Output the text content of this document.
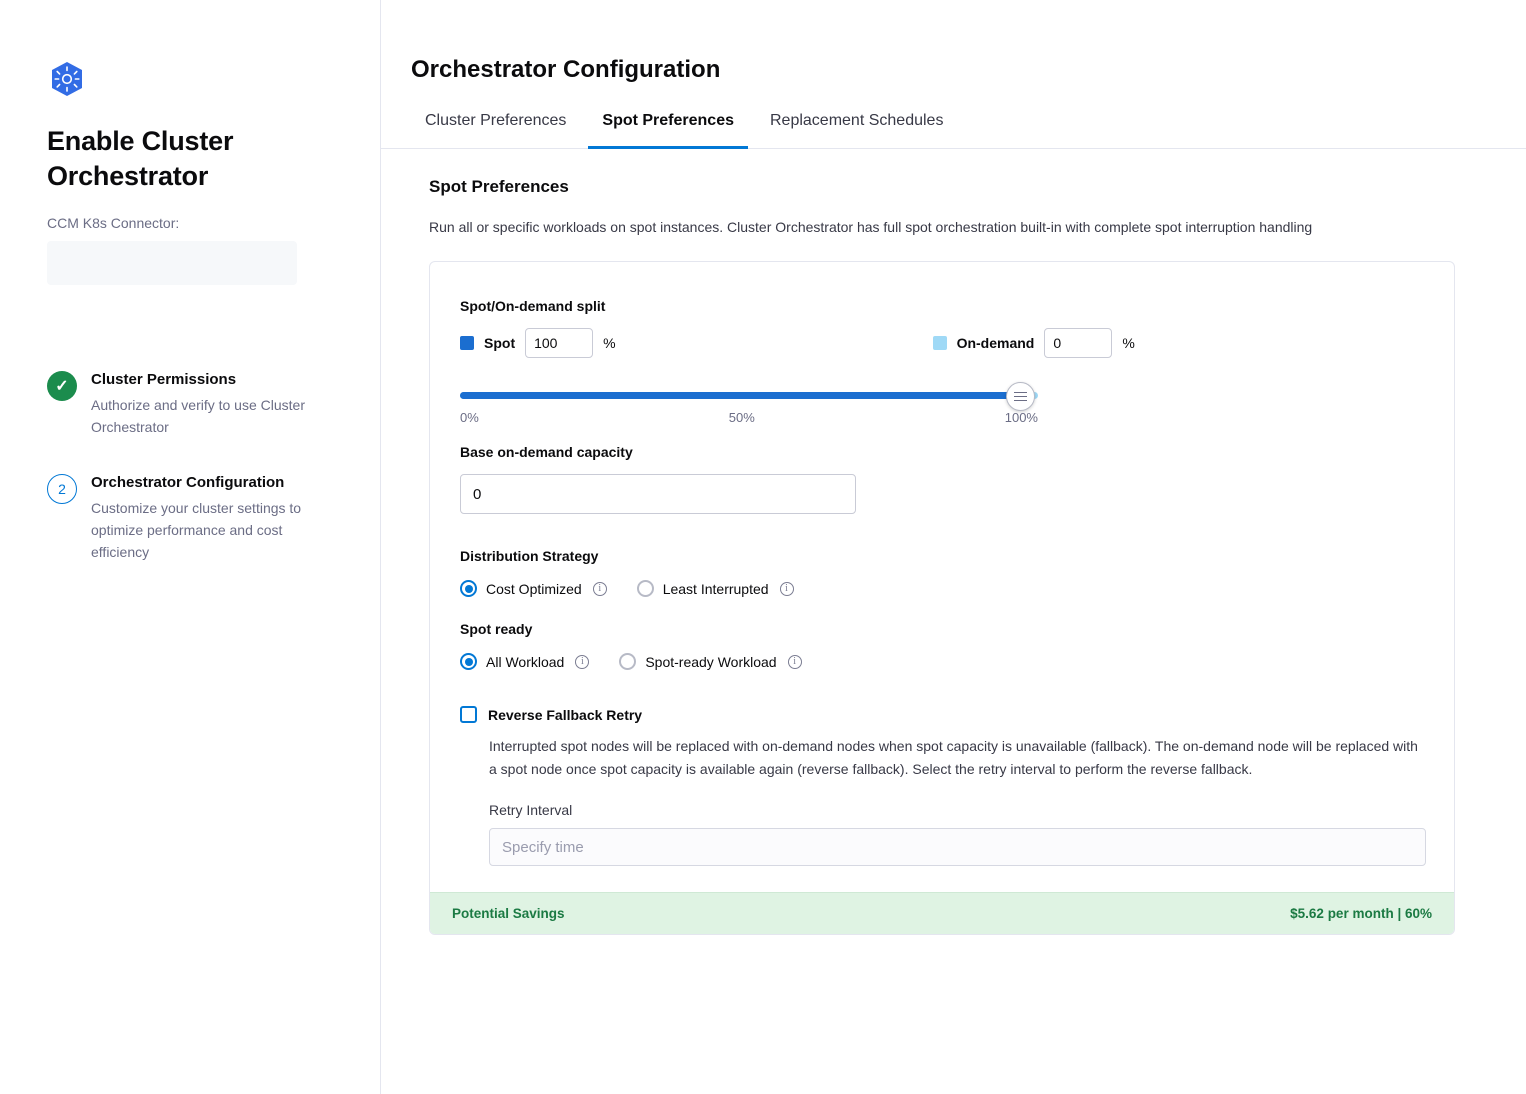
Enable Cluster Orchestrator
CCM K8s Connector:
✓ Cluster Permissions
Authorize and verify to use Cluster Orchestrator
2 Orchestrator Configuration
Customize your cluster settings to optimize performance and cost efficiency
Orchestrator Configuration
Cluster Preferences	Spot Preferences	Replacement Schedules
Spot Preferences

Run all or specific workloads on spot instances. Cluster Orchestrator has full spot orchestration built-in with complete spot interruption handling

Spot/On-demand split
Spot
100	%	On-demand
0	%
0%	50%	100%
Base on-demand capacity
0
Distribution Strategy
Cost Optimized	i	Least Interrupted	i
Spot ready
All Workload	i	Spot-ready Workload	i
Reverse Fallback Retry
Interrupted spot nodes will be replaced with on-demand nodes when spot capacity is unavailable (fallback). The on-demand node will be replaced with a spot node once spot capacity is available again (reverse fallback). Select the retry interval to perform the reverse fallback.
Retry Interval
Specify time
Potential Savings	$5.62 per month | 60%
